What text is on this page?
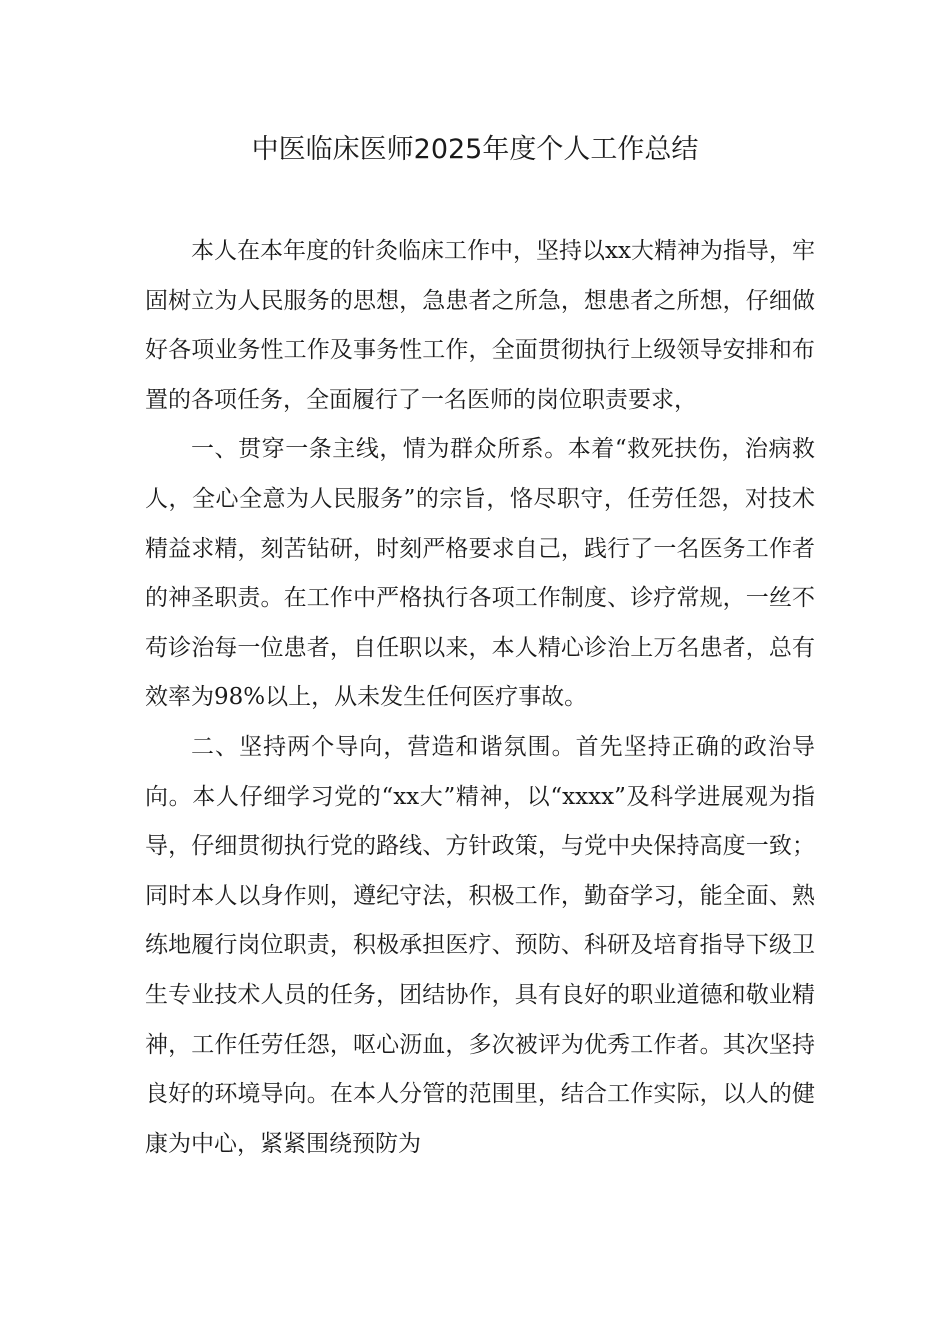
中医临床医师2025年度个人工作总结

本人在本年度的针灸临床工作中，坚持以xx大精神为指导，牢固树立为人民服务的思想，急患者之所急，想患者之所想，仔细做好各项业务性工作及事务性工作，全面贯彻执行上级领导安排和布置的各项任务，全面履行了一名医师的岗位职责要求，

一、贯穿一条主线，情为群众所系。本着“救死扶伤，治病救人，全心全意为人民服务”的宗旨，恪尽职守，任劳任怨，对技术精益求精，刻苦钻研，时刻严格要求自己，践行了一名医务工作者的神圣职责。在工作中严格执行各项工作制度、诊疗常规，一丝不苟诊治每一位患者，自任职以来，本人精心诊治上万名患者，总有效率为98%以上，从未发生任何医疗事故。

二、坚持两个导向，营造和谐氛围。首先坚持正确的政治导向。本人仔细学习党的“xx大”精神，以“xxxx”及科学进展观为指导，仔细贯彻执行党的路线、方针政策，与党中央保持高度一致；同时本人以身作则，遵纪守法，积极工作，勤奋学习，能全面、熟练地履行岗位职责，积极承担医疗、预防、科研及培育指导下级卫生专业技术人员的任务，团结协作，具有良好的职业道德和敬业精神，工作任劳任怨，呕心沥血，多次被评为优秀工作者。其次坚持良好的环境导向。在本人分管的范围里，结合工作实际，以人的健康为中心，紧紧围绕预防为
